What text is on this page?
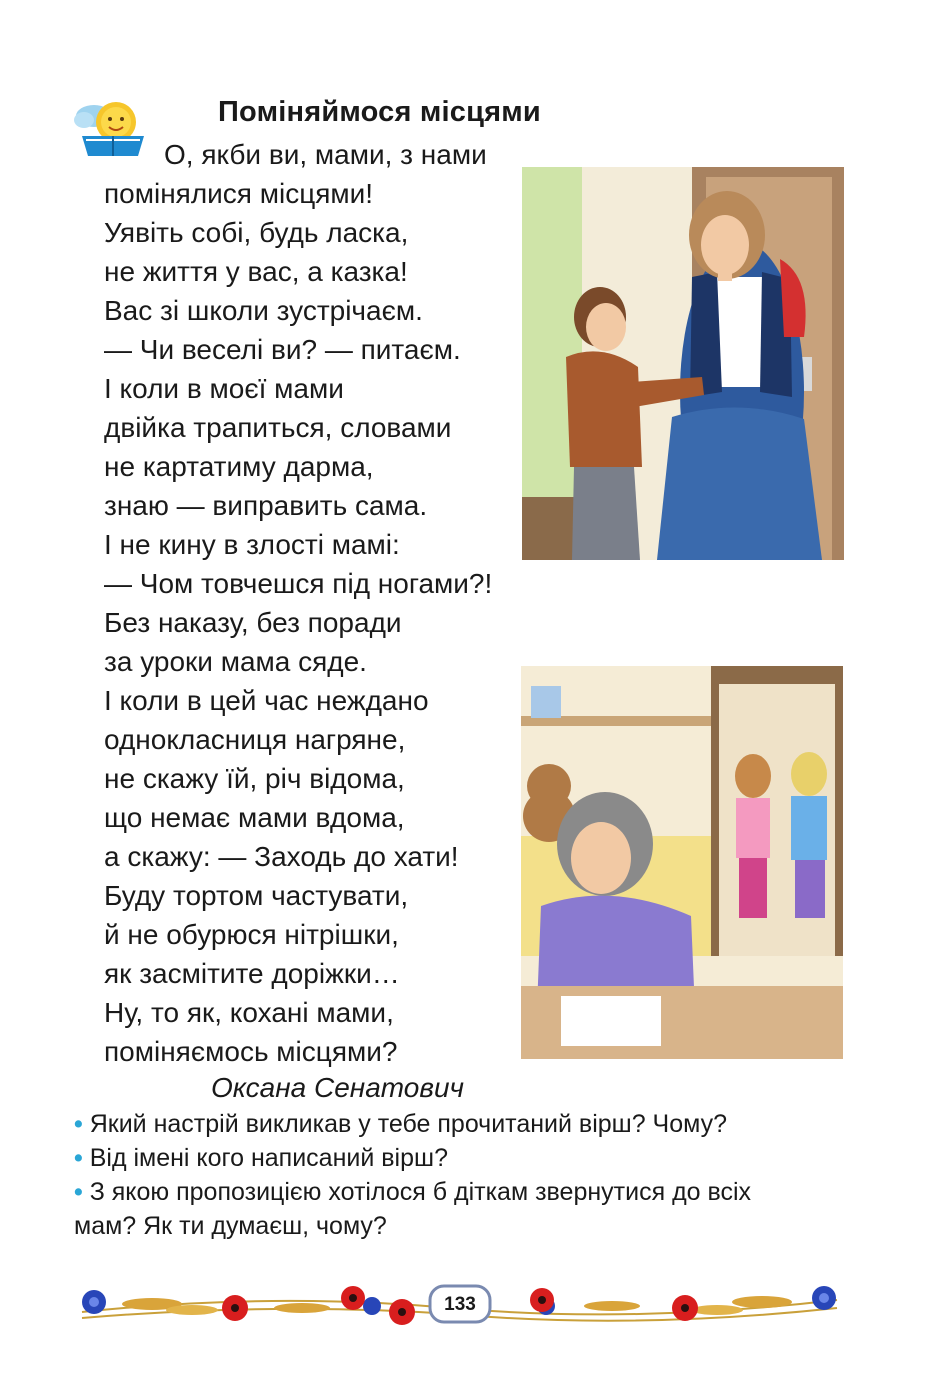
Поміняймося місцями
О, якби ви, мами, з нами
помінялися місцями!
Уявіть собі, будь ласка,
не життя у вас, а казка!
Вас зі школи зустрічаєм.
— Чи веселі ви? — питаєм.
І коли в моєї мами
двійка трапиться, словами
не картатиму дарма,
знаю — виправить сама.
І не кину в злості мамі:
— Чом товчешся під ногами?!
Без наказу, без поради
за уроки мама сяде.
І коли в цей час неждано
однокласниця нагряне,
не скажу їй, річ відома,
що немає мами вдома,
а скажу: — Заходь до хати!
Буду тортом частувати,
й не обурюся нітрішки,
як засмітите доріжки…
Ну, то як, кохані мами,
поміняємось місцями?
Оксана Сенатович
• Який настрій викликав у тебе прочитаний вірш? Чому?
• Від імені кого написаний вірш?
• З якою пропозицією хотілося б діткам звернутися до всіх
мам? Як ти думаєш, чому?
133
